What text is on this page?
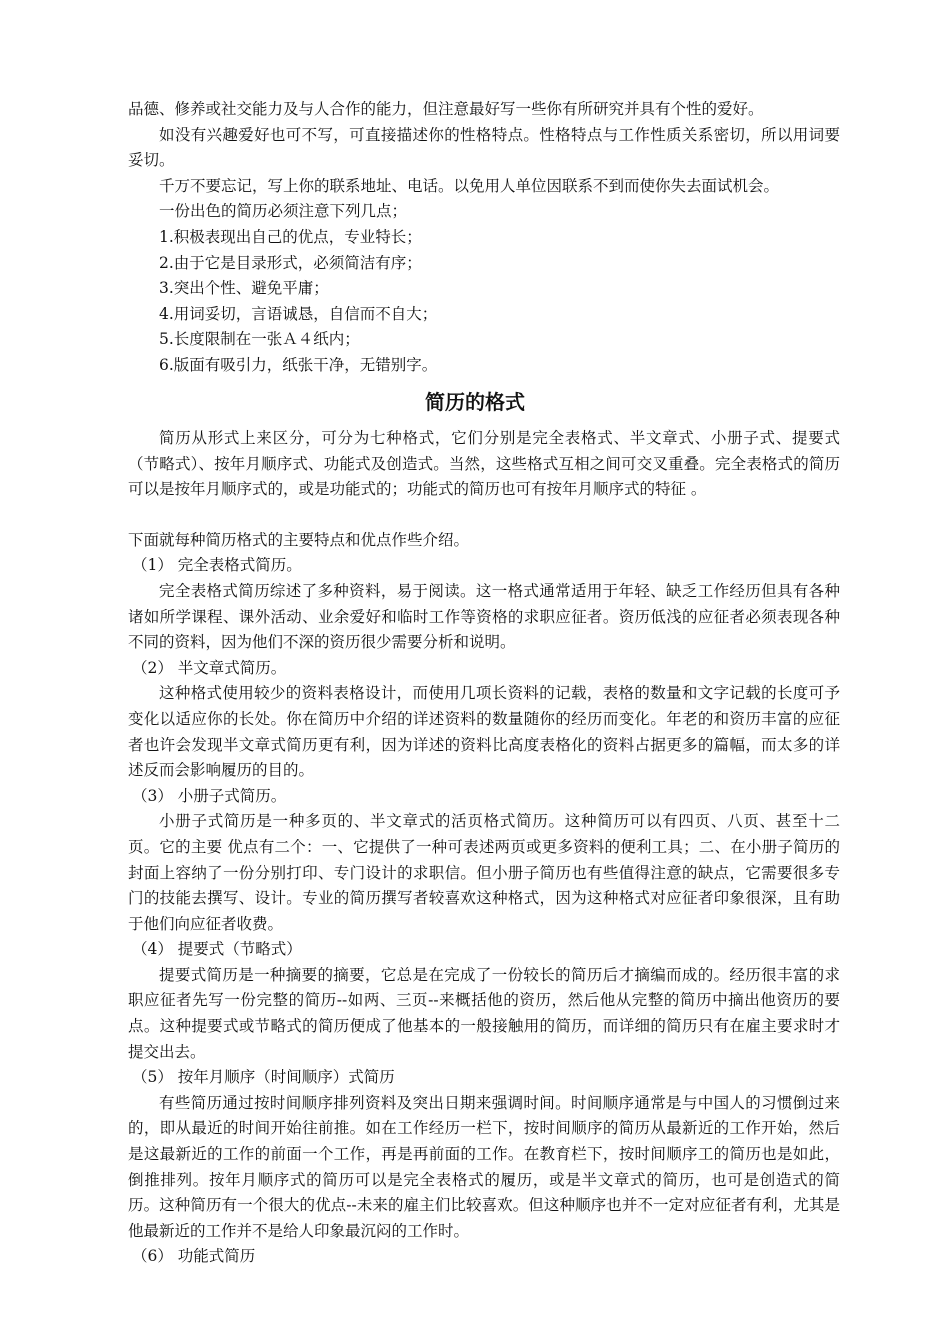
品德、修养或社交能力及与人合作的能力，但注意最好写一些你有所研究并具有个性的爱好。

如没有兴趣爱好也可不写，可直接描述你的性格特点。性格特点与工作性质关系密切，所以用词要妥切。

千万不要忘记，写上你的联系地址、电话。以免用人单位因联系不到而使你失去面试机会。

一份出色的简历必须注意下列几点；

1.积极表现出自己的优点，专业特长；

2.由于它是目录形式，必须简洁有序；

3.突出个性、避免平庸；

4.用词妥切，言语诚恳，自信而不自大；

5.长度限制在一张Ａ４纸内；

6.版面有吸引力，纸张干净，无错别字。

简历的格式

简历从形式上来区分，可分为七种格式，它们分别是完全表格式、半文章式、小册子式、提要式（节略式）、按年月顺序式、功能式及创造式。当然，这些格式互相之间可交叉重叠。完全表格式的简历可以是按年月顺序式的，或是功能式的；功能式的简历也可有按年月顺序式的特征 。

下面就每种简历格式的主要特点和优点作些介绍。

（1） 完全表格式简历。

完全表格式简历综述了多种资料，易于阅读。这一格式通常适用于年轻、缺乏工作经历但具有各种诸如所学课程、课外活动、业余爱好和临时工作等资格的求职应征者。资历低浅的应征者必须表现各种不同的资料，因为他们不深的资历很少需要分析和说明。

（2） 半文章式简历。

这种格式使用较少的资料表格设计，而使用几项长资料的记载，表格的数量和文字记载的长度可予变化以适应你的长处。你在简历中介绍的详述资料的数量随你的经历而变化。年老的和资历丰富的应征者也许会发现半文章式简历更有利，因为详述的资料比高度表格化的资料占据更多的篇幅，而太多的详述反而会影响履历的目的。

（3） 小册子式简历。

小册子式简历是一种多页的、半文章式的活页格式简历。这种简历可以有四页、八页、甚至十二页。它的主要 优点有二个：一、它提供了一种可表述两页或更多资料的便利工具；二、在小册子简历的封面上容纳了一份分别打印、专门设计的求职信。但小册子简历也有些值得注意的缺点，它需要很多专门的技能去撰写、设计。专业的简历撰写者较喜欢这种格式，因为这种格式对应征者印象很深，且有助于他们向应征者收费。

（4） 提要式（节略式）

提要式简历是一种摘要的摘要，它总是在完成了一份较长的简历后才摘编而成的。经历很丰富的求职应征者先写一份完整的简历--如两、三页--来概括他的资历，然后他从完整的简历中摘出他资历的要点。这种提要式或节略式的简历便成了他基本的一般接触用的简历，而详细的简历只有在雇主要求时才提交出去。

（5） 按年月顺序（时间顺序）式简历

有些简历通过按时间顺序排列资料及突出日期来强调时间。时间顺序通常是与中国人的习惯倒过来的，即从最近的时间开始往前推。如在工作经历一栏下，按时间顺序的简历从最新近的工作开始，然后是这最新近的工作的前面一个工作，再是再前面的工作。在教育栏下，按时间顺序工的简历也是如此，倒推排列。按年月顺序式的简历可以是完全表格式的履历，或是半文章式的简历，也可是创造式的简历。这种简历有一个很大的优点--未来的雇主们比较喜欢。但这种顺序也并不一定对应征者有利，尤其是他最新近的工作并不是给人印象最沉闷的工作时。

（6） 功能式简历
